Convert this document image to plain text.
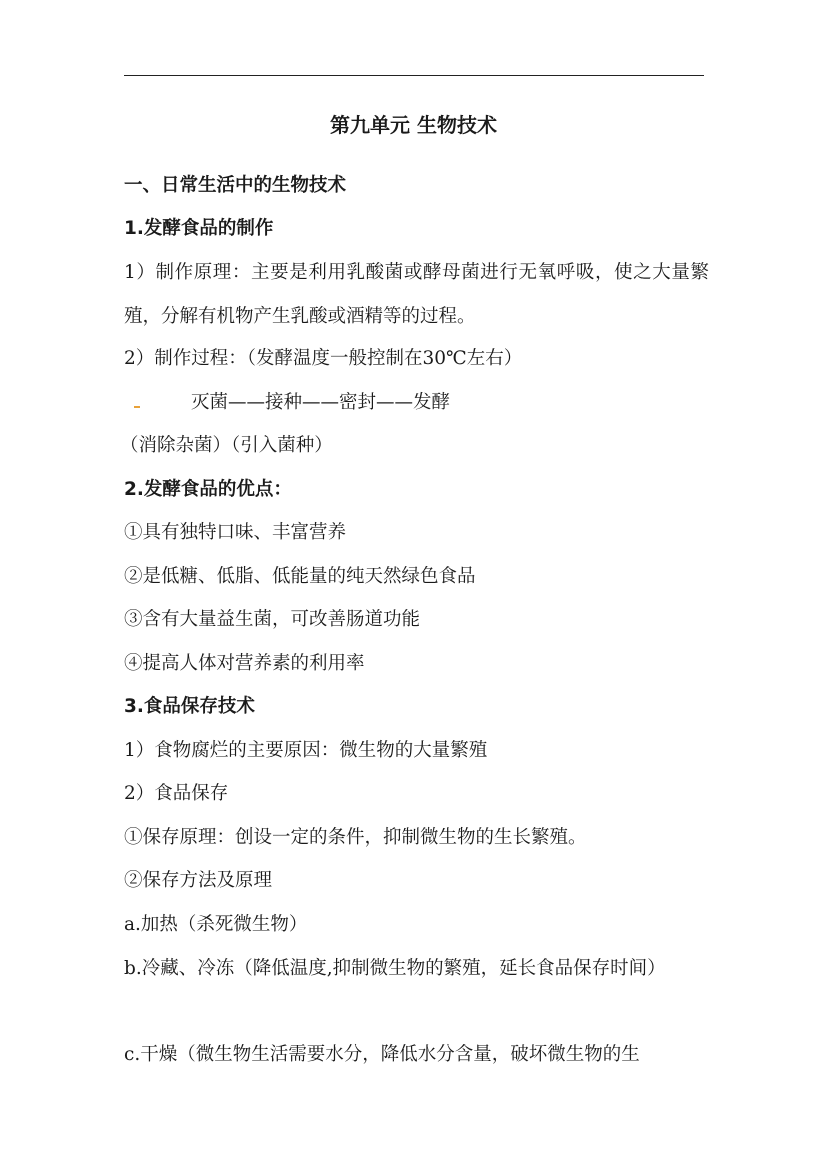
第九单元 生物技术
一、日常生活中的生物技术
1.发酵食品的制作
1）制作原理：主要是利用乳酸菌或酵母菌进行无氧呼吸，使之大量繁殖，分解有机物产生乳酸或酒精等的过程。
2）制作过程：（发酵温度一般控制在30℃左右）
灭菌——接种——密封——发酵
（消除杂菌）（引入菌种）
2.发酵食品的优点：
①具有独特口味、丰富营养
②是低糖、低脂、低能量的纯天然绿色食品
③含有大量益生菌，可改善肠道功能
④提高人体对营养素的利用率
3.食品保存技术
1）食物腐烂的主要原因：微生物的大量繁殖
2）食品保存
①保存原理：创设一定的条件，抑制微生物的生长繁殖。
②保存方法及原理
a.加热（杀死微生物）
b.冷藏、冷冻（降低温度,抑制微生物的繁殖，延长食品保存时间）
c.干燥（微生物生活需要水分，降低水分含量，破坏微生物的生
